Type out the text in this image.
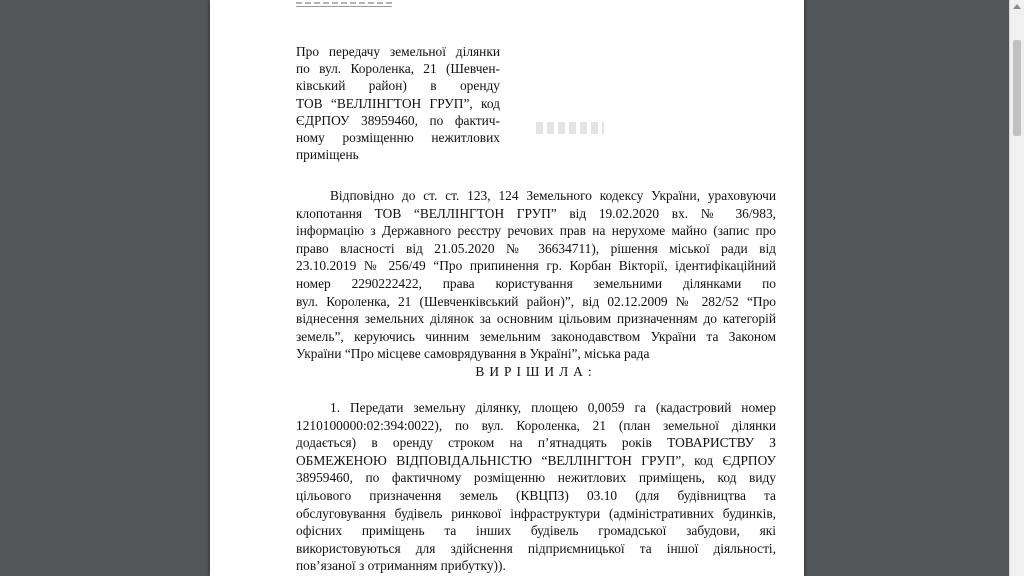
Про передачу земельної ділянки
по вул. Короленка, 21 (Шевчен-
ківський район) в оренду
ТОВ “ВЕЛЛІНГТОН ГРУП”, код
ЄДРПОУ 38959460, по фактич-
ному розміщенню нежитлових
приміщень
Відповідно до ст. ст. 123, 124 Земельного кодексу України, ураховуючи
клопотання ТОВ “ВЕЛЛІНГТОН ГРУП” від 19.02.2020 вх. № 36/983,
інформацію з Державного реєстру речових прав на нерухоме майно (запис про
право власності від 21.05.2020 № 36634711), рішення міської ради від
23.10.2019 № 256/49 “Про припинення гр. Корбан Вікторії, ідентифікаційний
номер 2290222422, права користування земельними ділянками по
вул. Короленка, 21 (Шевченківський район)”, від 02.12.2009 № 282/52 “Про
віднесення земельних ділянок за основним цільовим призначенням до категорій
земель”, керуючись чинним земельним законодавством України та Законом
України “Про місцеве самоврядування в Україні”, міська рада
ВИРІШИЛА:
1. Передати земельну ділянку, площею 0,0059 га (кадастровий номер
1210100000:02:394:0022), по вул. Короленка, 21 (план земельної ділянки
додається) в оренду строком на п’ятнадцять років ТОВАРИСТВУ З
ОБМЕЖЕНОЮ ВІДПОВІДАЛЬНІСТЮ “ВЕЛЛІНГТОН ГРУП”, код ЄДРПОУ
38959460, по фактичному розміщенню нежитлових приміщень, код виду
цільового призначення земель (КВЦПЗ) 03.10 (для будівництва та
обслуговування будівель ринкової інфраструктури (адміністративних будинків,
офісних приміщень та інших будівель громадської забудови, які
використовуються для здійснення підприємницької та іншої діяльності,
пов’язаної з отриманням прибутку)).
